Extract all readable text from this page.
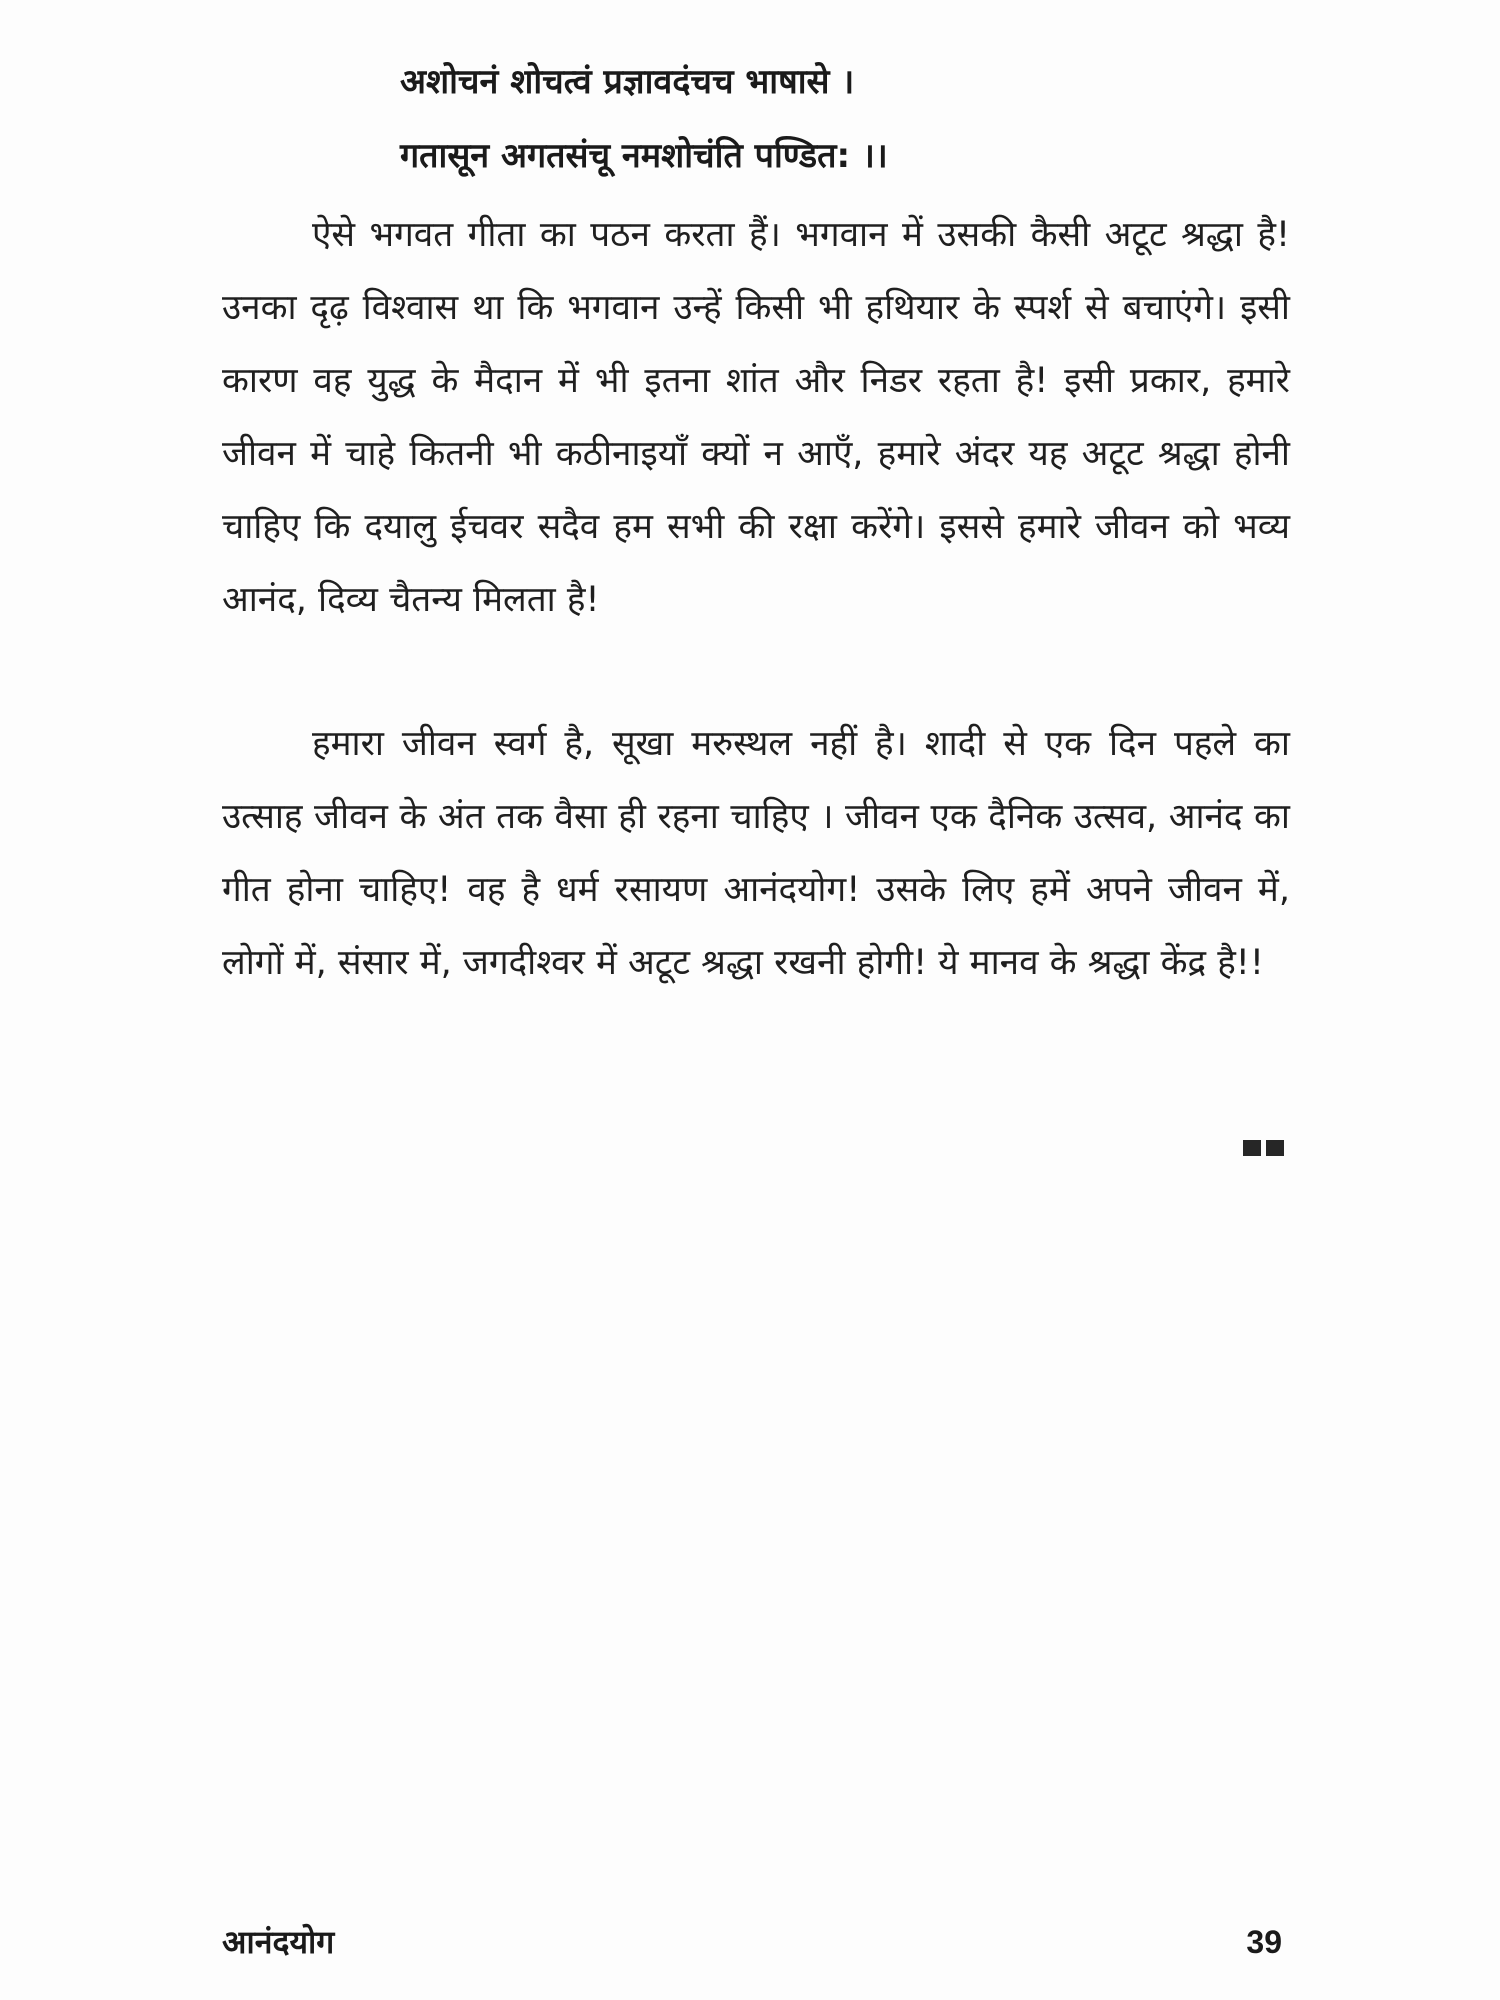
अशोचनं शोचत्वं प्रज्ञावदंचच भाषासे ।
गतासून अगतसंचू नमशोचंति पण्डित: ।।

ऐसे भगवत गीता का पठन करता हैं। भगवान में उसकी कैसी अटूट श्रद्धा है! उनका दृढ़ विश्वास था कि भगवान उन्हें किसी भी हथियार के स्पर्श से बचाएंगे। इसी कारण वह युद्ध के मैदान में भी इतना शांत और निडर रहता है! इसी प्रकार, हमारे जीवन में चाहे कितनी भी कठीनाइयाँ क्यों न आएँ, हमारे अंदर यह अटूट श्रद्धा होनी चाहिए कि दयालु ईचवर सदैव हम सभी की रक्षा करेंगे। इससे हमारे जीवन को भव्य आनंद, दिव्य चैतन्य मिलता है!

हमारा जीवन स्वर्ग है, सूखा मरुस्थल नहीं है। शादी से एक दिन पहले का उत्साह जीवन के अंत तक वैसा ही रहना चाहिए । जीवन एक दैनिक उत्सव, आनंद का गीत होना चाहिए! वह है धर्म रसायण आनंदयोग! उसके लिए हमें अपने जीवन में, लोगों में, संसार में, जगदीश्वर में अटूट श्रद्धा रखनी होगी! ये मानव के श्रद्धा केंद्र है!!

आनंदयोग	39
